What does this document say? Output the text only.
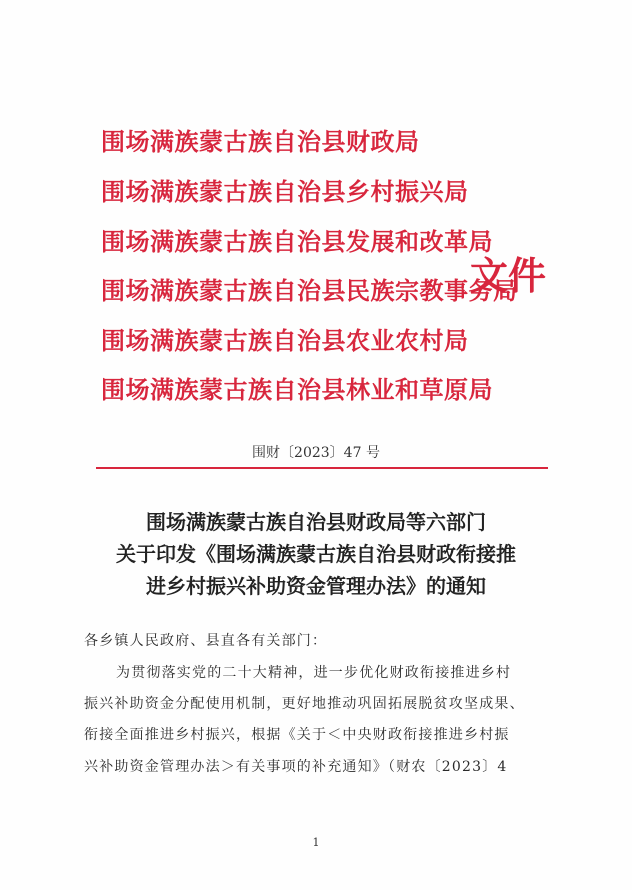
围场满族蒙古族自治县财政局
围场满族蒙古族自治县乡村振兴局
围场满族蒙古族自治县发展和改革局
围场满族蒙古族自治县民族宗教事务局
围场满族蒙古族自治县农业农村局
围场满族蒙古族自治县林业和草原局
文件
围财〔2023〕47 号
围场满族蒙古族自治县财政局等六部门
关于印发《围场满族蒙古族自治县财政衔接推
进乡村振兴补助资金管理办法》的通知
各乡镇人民政府、县直各有关部门：
为贯彻落实党的二十大精神，进一步优化财政衔接推进乡村
振兴补助资金分配使用机制，更好地推动巩固拓展脱贫攻坚成果、
衔接全面推进乡村振兴，根据《关于＜中央财政衔接推进乡村振
兴补助资金管理办法＞有关事项的补充通知》（财农〔2023〕4
1
